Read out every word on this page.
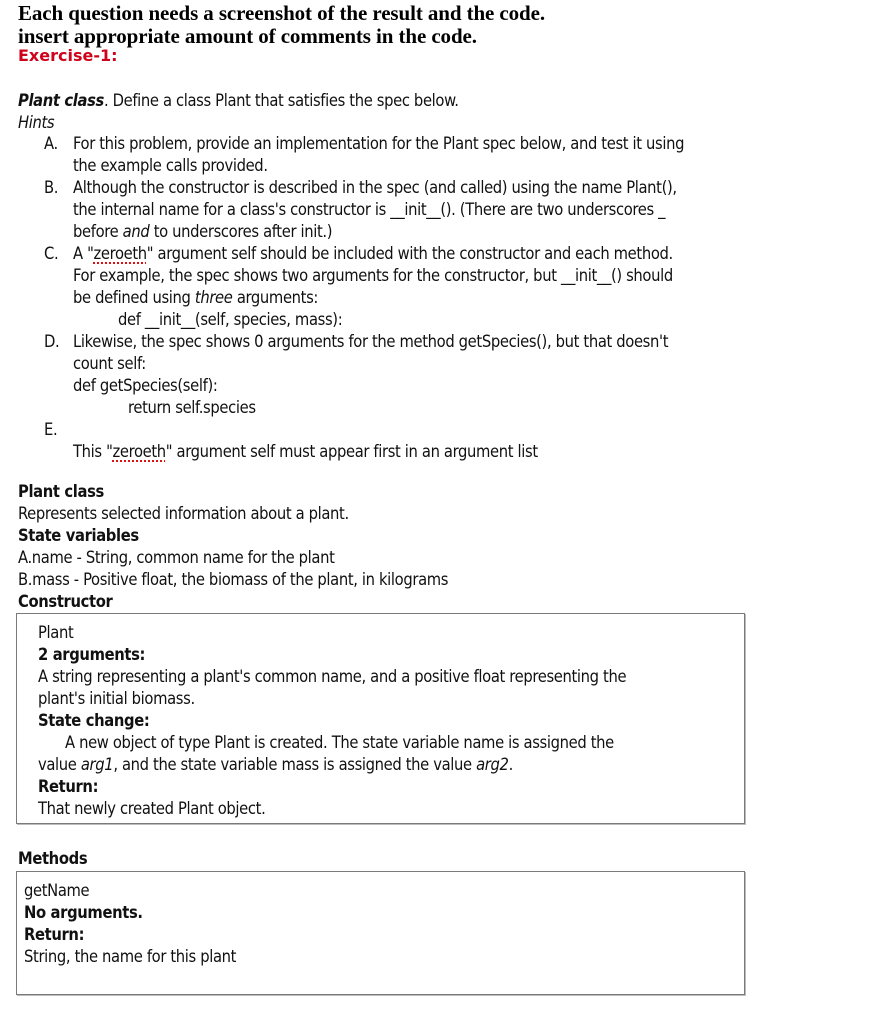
Each question needs a screenshot of the result and the code.
insert appropriate amount of comments in the code.
Exercise-1:
Plant class. Define a class Plant that satisfies the spec below.
Hints
A. For this problem, provide an implementation for the Plant spec below, and test it using
the example calls provided.
B. Although the constructor is described in the spec (and called) using the name Plant(),
the internal name for a class's constructor is __init__(). (There are two underscores _
before and to underscores after init.)
C. A "zeroeth" argument self should be included with the constructor and each method.
For example, the spec shows two arguments for the constructor, but __init__() should
be defined using three arguments:
def __init__(self, species, mass):
D. Likewise, the spec shows 0 arguments for the method getSpecies(), but that doesn't
count self:
def getSpecies(self):
return self.species
E.
This "zeroeth" argument self must appear first in an argument list
Plant class
Represents selected information about a plant.
State variables
A.name - String, common name for the plant
B.mass - Positive float, the biomass of the plant, in kilograms
Constructor
Plant
2 arguments:
A string representing a plant's common name, and a positive float representing the
plant's initial biomass.
State change:
A new object of type Plant is created. The state variable name is assigned the
value arg1, and the state variable mass is assigned the value arg2.
Return:
That newly created Plant object.
Methods
getName
No arguments.
Return:
String, the name for this plant
